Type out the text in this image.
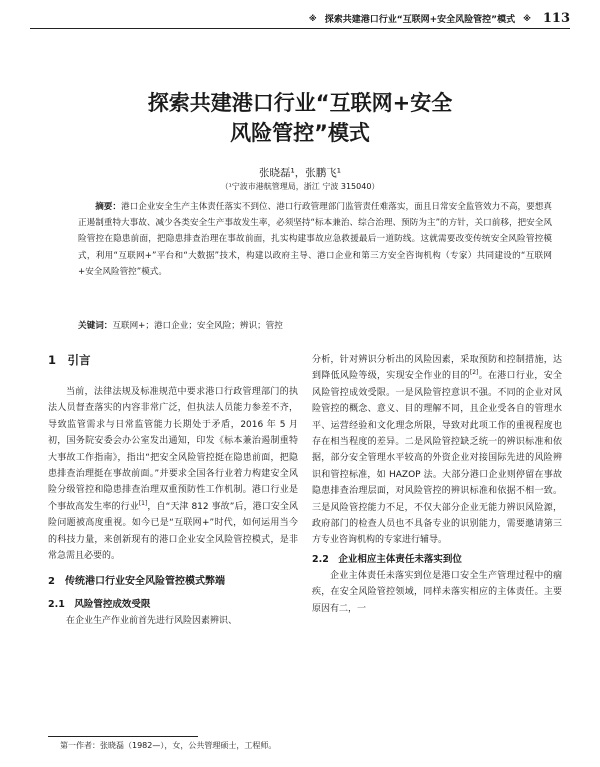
※ 探索共建港口行业“互联网+安全风险管控”模式 ※ 113
探索共建港口行业“互联网+安全
风险管控”模式
张晓磊¹，张鹏飞¹
（¹宁波市港航管理局，浙江 宁波 315040）
摘要：港口企业安全生产主体责任落实不到位、港口行政管理部门监管责任难落实，面且日常安全监管效力不高，要想真正遏制重特大事故、减少各类安全生产事故发生率，必须坚持“标本兼治、综合治理、预防为主”的方针，关口前移，把安全风险管控在隐患前面，把隐患排查治理在事故前面，扎实构建事故应急救援最后一道防线。这就需要改变传统安全风险管控模式，利用“互联网+”平台和“大数据”技术，构建以政府主导、港口企业和第三方安全咨询机构（专家）共同建设的“互联网+安全风险管控”模式。
关键词：互联网+；港口企业；安全风险；辨识；管控
1　引言

当前，法律法规及标准规范中要求港口行政管理部门的执法人员督查落实的内容非常广泛，但执法人员能力参差不齐，导致监管需求与日常监管能力长期处于矛盾，2016 年 5 月初，国务院安委会办公室发出通知，印发《标本兼治遏制重特大事故工作指南》，指出“把安全风险管控挺在隐患前面，把隐患排查治理挺在事故前面。”并要求全国各行业着力构建安全风险分级管控和隐患排查治理双重预防性工作机制。港口行业是个事故高发生率的行业[1]，自“天津 812 事故”后，港口安全风险问题被高度重视。如今已是“互联网+”时代，如何运用当今的科技力量，来创新现有的港口企业安全风险管控模式，是非常急需且必要的。

2　传统港口行业安全风险管控模式弊端
2.1　风险管控成效受限

在企业生产作业前首先进行风险因素辨识、

分析，针对辨识分析出的风险因素，采取预防和控制措施，达到降低风险等级，实现安全作业的目的[2]。在港口行业，安全风险管控成效受限。一是风险管控意识不强。不同的企业对风险管控的概念、意义、目的理解不同，且企业受各自的管理水平、运营经验和文化理念所限，导致对此项工作的重视程度也存在相当程度的差异。二是风险管控缺乏统一的辨识标准和依据，部分安全管理水平较高的外资企业对接国际先进的风险辨识和管控标准，如 HAZOP 法。大部分港口企业则停留在事故隐患排查治理层面，对风险管控的辨识标准和依据不相一致。三是风险管控能力不足，不仅大部分企业无能力辨识风险源，政府部门的检查人员也不具备专业的识别能力，需要邀请第三方专业咨询机构的专家进行辅导。

2.2　企业相应主体责任未落实到位

企业主体责任未落实到位是港口安全生产管理过程中的痼疾，在安全风险管控领域，同样未落实相应的主体责任。主要原因有二，一

第一作者：张晓磊（1982—），女，公共管理硕士，工程师。
